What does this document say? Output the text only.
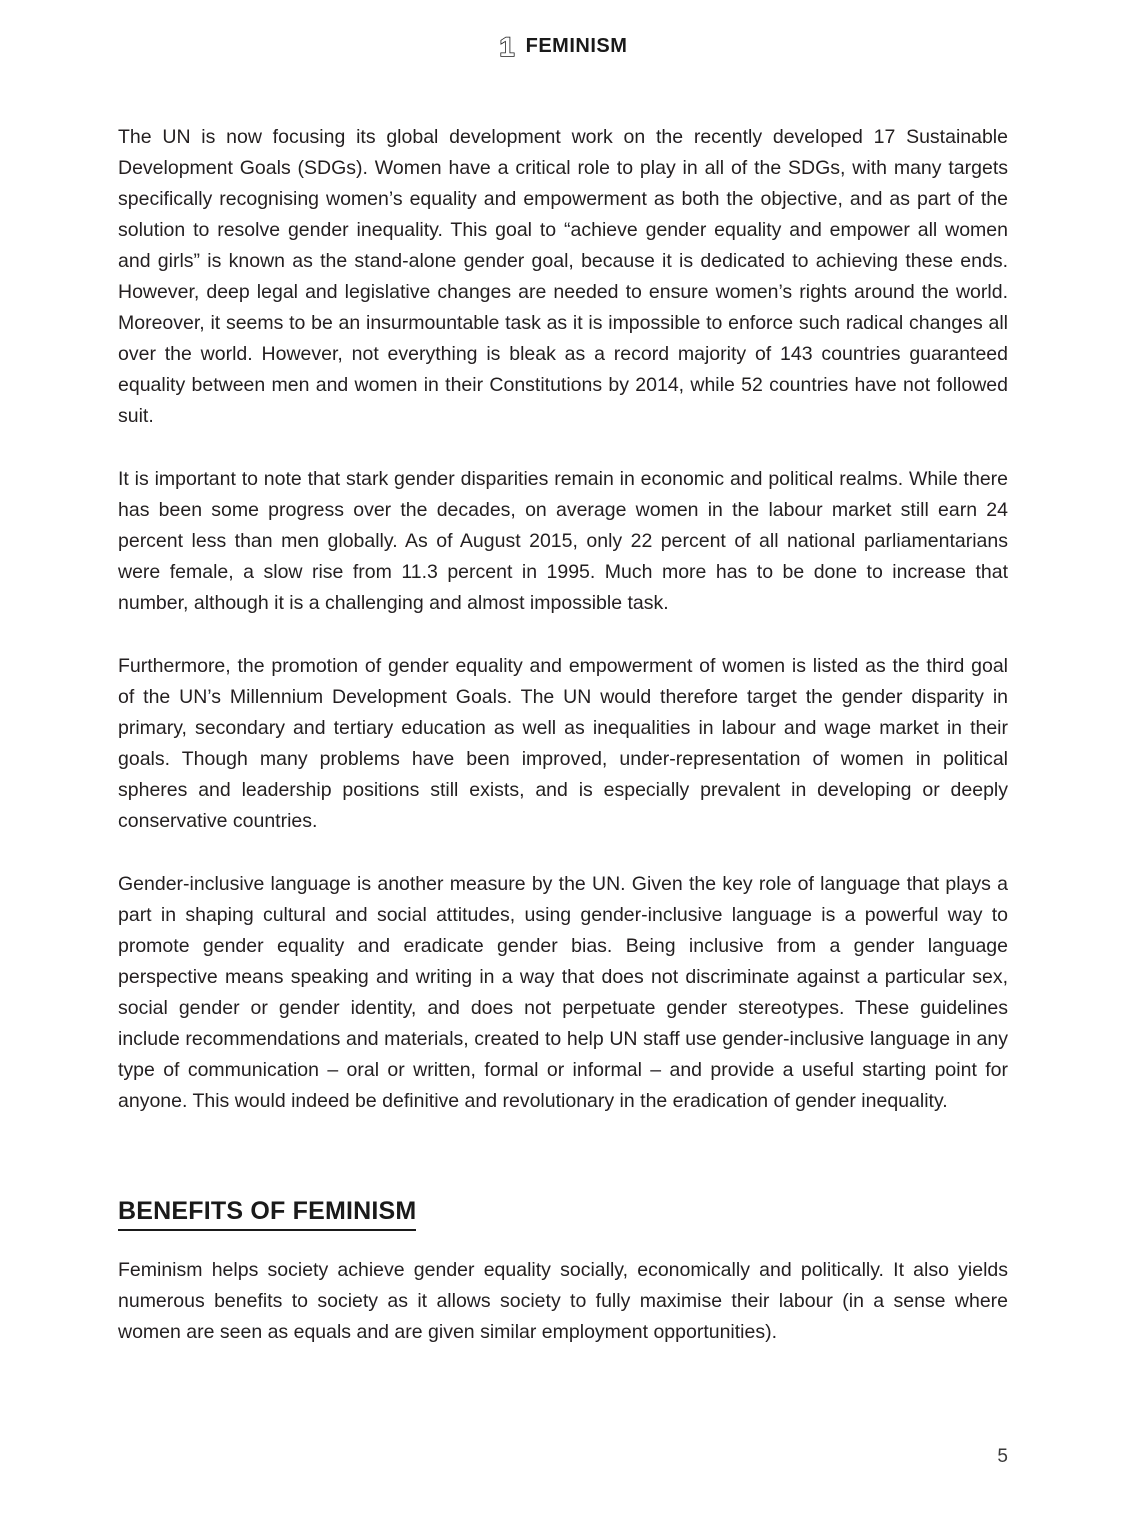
1 FEMINISM

The UN is now focusing its global development work on the recently developed 17 Sustainable Development Goals (SDGs). Women have a critical role to play in all of the SDGs, with many targets specifically recognising women’s equality and empowerment as both the objective, and as part of the solution to resolve gender inequality. This goal to “achieve gender equality and empower all women and girls” is known as the stand-alone gender goal, because it is dedicated to achieving these ends. However, deep legal and legislative changes are needed to ensure women’s rights around the world. Moreover, it seems to be an insurmountable task as it is impossible to enforce such radical changes all over the world. However, not everything is bleak as a record majority of 143 countries guaranteed equality between men and women in their Constitutions by 2014, while 52 countries have not followed suit.

It is important to note that stark gender disparities remain in economic and political realms. While there has been some progress over the decades, on average women in the labour market still earn 24 percent less than men globally. As of August 2015, only 22 percent of all national parliamentarians were female, a slow rise from 11.3 percent in 1995. Much more has to be done to increase that number, although it is a challenging and almost impossible task.

Furthermore, the promotion of gender equality and empowerment of women is listed as the third goal of the UN’s Millennium Development Goals. The UN would therefore target the gender disparity in primary, secondary and tertiary education as well as inequalities in labour and wage market in their goals. Though many problems have been improved, under-representation of women in political spheres and leadership positions still exists, and is especially prevalent in developing or deeply conservative countries.

Gender-inclusive language is another measure by the UN. Given the key role of language that plays a part in shaping cultural and social attitudes, using gender-inclusive language is a powerful way to promote gender equality and eradicate gender bias. Being inclusive from a gender language perspective means speaking and writing in a way that does not discriminate against a particular sex, social gender or gender identity, and does not perpetuate gender stereotypes. These guidelines include recommendations and materials, created to help UN staff use gender-inclusive language in any type of communication – oral or written, formal or informal – and provide a useful starting point for anyone. This would indeed be definitive and revolutionary in the eradication of gender inequality.

BENEFITS OF FEMINISM

Feminism helps society achieve gender equality socially, economically and politically. It also yields numerous benefits to society as it allows society to fully maximise their labour (in a sense where women are seen as equals and are given similar employment opportunities).

5
